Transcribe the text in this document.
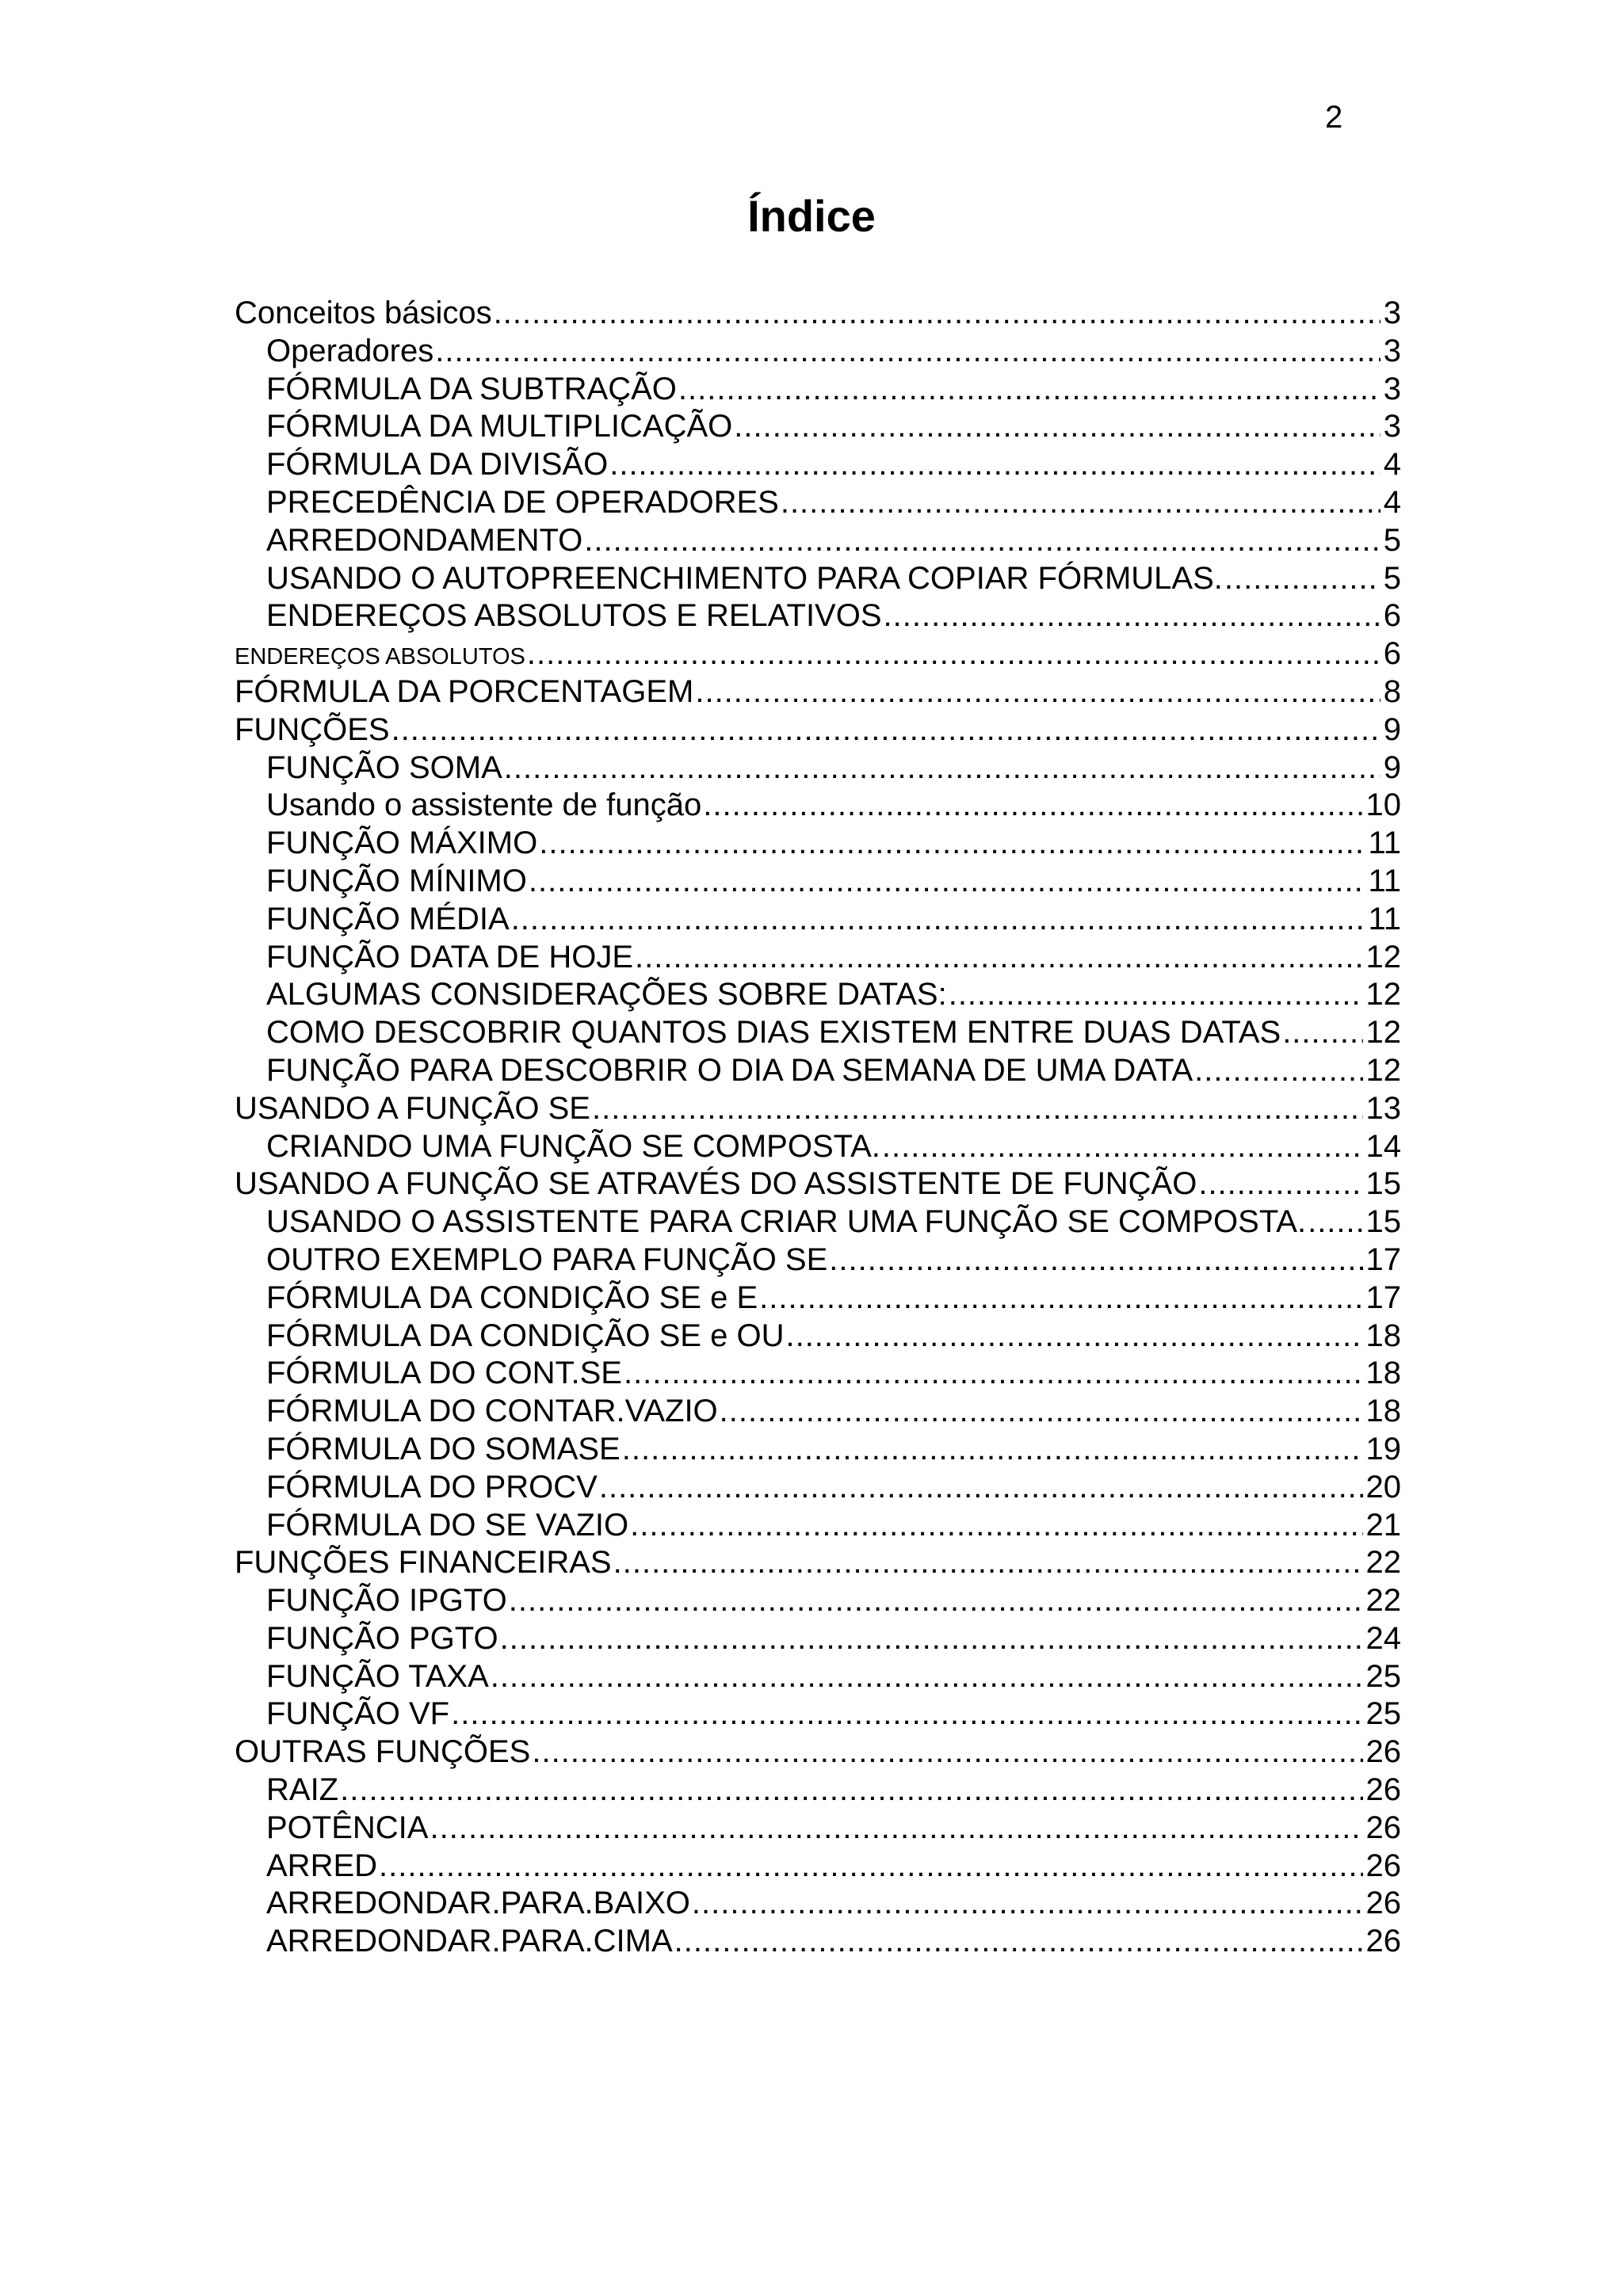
2
Índice
Conceitos básicos .....	3
Operadores .....	3
FÓRMULA DA SUBTRAÇÃO .....	3
FÓRMULA DA MULTIPLICAÇÃO .....	3
FÓRMULA DA DIVISÃO .....	4
PRECEDÊNCIA DE OPERADORES .....	4
ARREDONDAMENTO .....	5
USANDO O AUTOPREENCHIMENTO PARA COPIAR FÓRMULAS. .....	5
ENDEREÇOS ABSOLUTOS E RELATIVOS .....	6
ENDEREÇOS ABSOLUTOS .....	6
FÓRMULA DA PORCENTAGEM .....	8
FUNÇÕES .....	9
FUNÇÃO SOMA .....	9
Usando o assistente de função .....	10
FUNÇÃO MÁXIMO .....	11
FUNÇÃO MÍNIMO .....	11
FUNÇÃO MÉDIA .....	11
FUNÇÃO DATA DE HOJE .....	12
ALGUMAS CONSIDERAÇÕES SOBRE DATAS: .....	12
COMO DESCOBRIR QUANTOS DIAS EXISTEM ENTRE DUAS DATAS .....	12
FUNÇÃO PARA DESCOBRIR O DIA DA SEMANA DE UMA DATA .....	12
USANDO A FUNÇÃO SE .....	13
CRIANDO UMA FUNÇÃO SE COMPOSTA. .....	14
USANDO A FUNÇÃO SE ATRAVÉS DO ASSISTENTE DE FUNÇÃO .....	15
USANDO O ASSISTENTE PARA CRIAR UMA FUNÇÃO SE COMPOSTA. ..... 15
OUTRO EXEMPLO PARA FUNÇÃO SE .....	17
FÓRMULA DA CONDIÇÃO SE e E .....	17
FÓRMULA DA CONDIÇÃO SE e OU .....	18
FÓRMULA DO CONT.SE .....	18
FÓRMULA DO CONTAR.VAZIO .....	18
FÓRMULA DO SOMASE .....	19
FÓRMULA DO PROCV .....	20
FÓRMULA DO SE VAZIO .....	21
FUNÇÕES FINANCEIRAS .....	22
FUNÇÃO IPGTO .....	22
FUNÇÃO PGTO .....	24
FUNÇÃO TAXA .....	25
FUNÇÃO VF .....	25
OUTRAS FUNÇÕES .....	26
RAIZ .....	26
POTÊNCIA .....	26
ARRED .....	26
ARREDONDAR.PARA.BAIXO .....	26
ARREDONDAR.PARA.CIMA .....	26
